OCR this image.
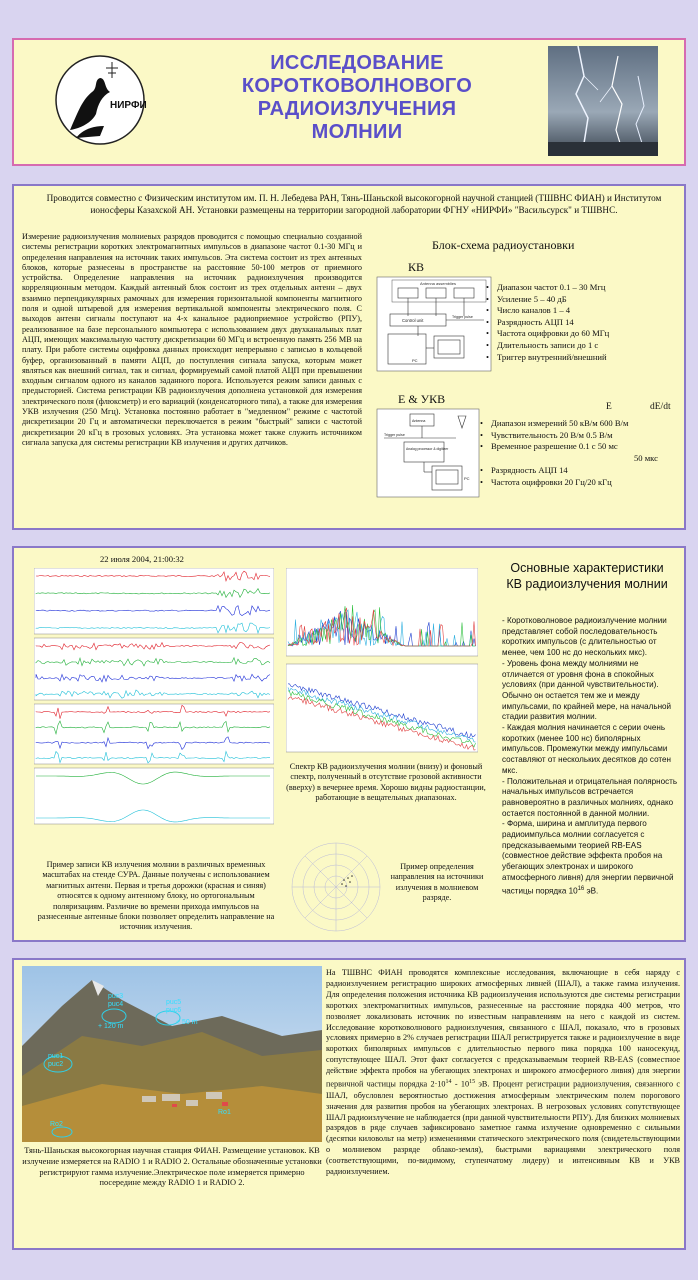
НИРФИ
ИССЛЕДОВАНИЕ
КОРОТКОВОЛНОВОГО
РАДИОИЗЛУЧЕНИЯ
МОЛНИИ
Проводится совместно с Физическим институтом им. П. Н. Лебедева РАН, Тянь-Шаньской высокогорной научной станцией (ТШВНС ФИАН) и Институтом ионосферы Казахской АН. Установки размещены на территории загородной лаборатории ФГНУ «НИРФИ» "Васильсурск" и ТШВНС.
Измерение радиоизлучения молниевых разрядов проводится с помощью специально созданной системы регистрации коротких электромагнитных импульсов в диапазоне частот 0.1-30 МГц и определения направления на источник таких импульсов. Эта система состоит из трех антенных блоков, которые разнесены в пространстве на расстояние 50-100 метров от приемного устройства. Определение направления на источник радиоизлучения производится корреляционным методом. Каждый антенный блок состоит из трех отдельных антенн – двух взаимно перпендикулярных рамочных для измерения горизонтальной компоненты магнитного поля и одной штыревой для измерения вертикальной компоненты электрического поля. С выходов антенн сигналы поступают на 4-х канальное радиоприемное устройство (РПУ), реализованное на базе персонального компьютера с использованием двух двухканальных плат АЦП, имеющих максимальную частоту дискретизации 60 МГц и встроенную память 256 МВ на плату. При работе системы оцифровка данных происходит непрерывно с записью в кольцевой буфер, организованный в памяти АЦП, до поступления сигнала запуска, которым может являться как внешний сигнал, так и сигнал, формируемый самой платой АЦП при превышении входным сигналом одного из каналов заданного порога. Используется режим записи данных с предысторией. Система регистрации КВ радиоизлучения дополнена установкой для измерения электрического поля (флюксметр) и его вариаций (конденсаторного типа), а также для измерения УКВ излучения (250 Мгц). Установка постоянно работает в "медленном" режиме с частотой дискретизации 20 Гц и автоматически переключается в режим "быстрый" записи с частотой дискретизации 20 кГц в грозовых условиях. Эта установка может также служить источником сигнала запуска для системы регистрации КВ излучения и других датчиков.
Блок-схема радиоустановки
КВ
Antenna assemblies
Control unit
Trigger pulse
PC
• Диапазон частот 0.1 – 30 Мгц
• Усиление 5 – 40 дБ
• Число каналов 1 – 4
• Разрядность АЦП 14
• Частота оцифровки до 60 МГц
• Длительность записи до 1 с
• Триггер внутренний/внешний
Е & УКВ
Antenna
Trigger pulse
Analog processor & digitizer
PC
E	dE/dt
• Диапазон измерений 50 кВ/м 600 В/м
• Чувствительность 20 В/м 0.5 В/м
• Временное разрешение 0.1 с 50 мс
50 мкс
• Разрядность АЦП 14
• Частота оцифровки 20 Гц/20 кГц
22 июля 2004, 21:00:32
Пример записи КВ излучения молнии в различных временных масштабах на стенде СУРА. Данные получены с использованием магнитных антенн. Первая и третья дорожки (красная и синяя) относятся к одному антенному блоку, но ортогональным поляризациям. Различие во времени прихода импульсов на разнесенные антенные блоки позволяет определить направление на источник излучения.
Спектр КВ радиоизлучения молнии (внизу) и фоновый спектр, полученный в отсутствие грозовой активности (вверху) в вечернее время. Хорошо видны радиостанции, работающие в вещательных диапазонах.
Пример определения направления на источники излучения в молниевом разряде.
Основные характеристики КВ радиоизлучения молнии

- Коротковолновое радиоизлучение молнии представляет собой последовательность коротких импульсов (с длительностью от менее, чем 100 нс до нескольких мкс).

- Уровень фона между молниями не отличается от уровня фона в спокойных условиях (при данной чувствительности). Обычно он остается тем же и между импульсами, по крайней мере, на начальной стадии развития молнии.

- Каждая молния начинается с серии очень коротких (менее 100 нс) биполярных импульсов. Промежутки между импульсами составляют от нескольких десятков до сотен мкс.

- Положительная и отрицательная полярность начальных импульсов встречается равновероятно в различных молниях, однако остается постоянной в данной молнии.

- Форма, ширина и амплитуда первого радиоимпульса молнии согласуется с предсказываемыми теорией RB-EAS (совместное действие эффекта пробоя на убегающих электронах и широкого атмосферного ливня) для энергии первичной частицы порядка $10^{16}$ эВ.

puc3
puc4
+ 120 m
puc5
puc6
+ 50 m
puc1
puc2
Ro1
Ro2
Тянь-Шаньская высокогорная научная станция ФИАН. Размещение установок. КВ излучение измеряется на RADIO 1 и RADIO 2. Остальные обозначенные установки регистрируют гамма излучение.Электрическое поле измеряется примерно посередине между RADIO 1 и RADIO 2.
На ТШВНС ФИАН проводятся комплексные исследования, включающие в себя наряду с радиоизлучением регистрацию широких атмосферных ливней (ШАЛ), а также гамма излучения. Для определения положения источника КВ радиоизлучения используются две системы регистрации коротких электромагнитных импульсов, разнесенные на расстояние порядка 400 метров, что позволяет локализовать источник по известным направлениям на него с каждой из систем. Исследование коротковолнового радиоизлучения, связанного с ШАЛ, показало, что в грозовых условиях примерно в 2% случаев регистрации ШАЛ регистрируется также и радиоизлучение в виде коротких биполярных импульсов с длительностью первого пика порядка 100 наносекунд, сопутствующее ШАЛ. Этот факт согласуется с предсказываемым теорией RB-EAS (совместное действие эффекта пробоя на убегающих электронах и широкого атмосферного ливня) для энергии первичной частицы порядка $2\cdot 10^{14} - 10^{15}$ эВ. Процент регистрации радиоизлучения, связанного с ШАЛ, обусловлен вероятностью достижения атмосферным электрическим полем порогового значения для развития пробоя на убегающих электронах. В негрозовых условиях сопутствующее ШАЛ радиоизлучение не наблюдается (при данной чувствительности РПУ). Для близких молниевых разрядов в ряде случаев зафиксировано заметное гамма излучение одновременно с сильными (десятки киловольт на метр) изменениями статического электрического поля (свидетельствующими о молниевом разряде облако-земля), быстрыми вариациями электрического поля (соответствующими, по-видимому, ступенчатому лидеру) и интенсивным КВ и УКВ радиоизлучением.
